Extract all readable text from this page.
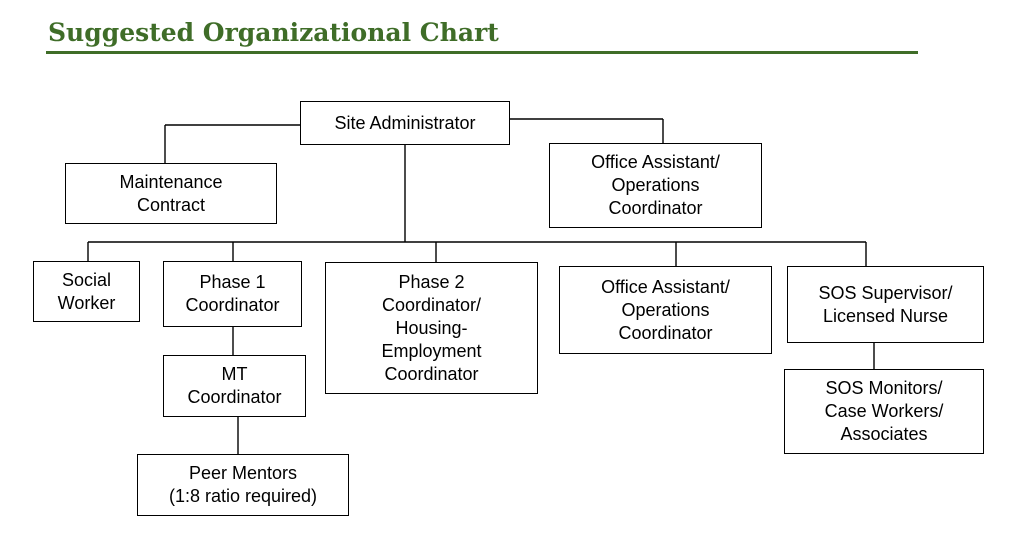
Suggested Organizational Chart
Site Administrator
Maintenance
Contract
Office Assistant/
Operations
Coordinator
Social
Worker
Phase 1
Coordinator
Phase 2
Coordinator/
Housing-
Employment
Coordinator
Office Assistant/
Operations
Coordinator
SOS Supervisor/
Licensed Nurse
MT
Coordinator
Peer Mentors
(1:8 ratio required)
SOS Monitors/
Case Workers/
Associates
